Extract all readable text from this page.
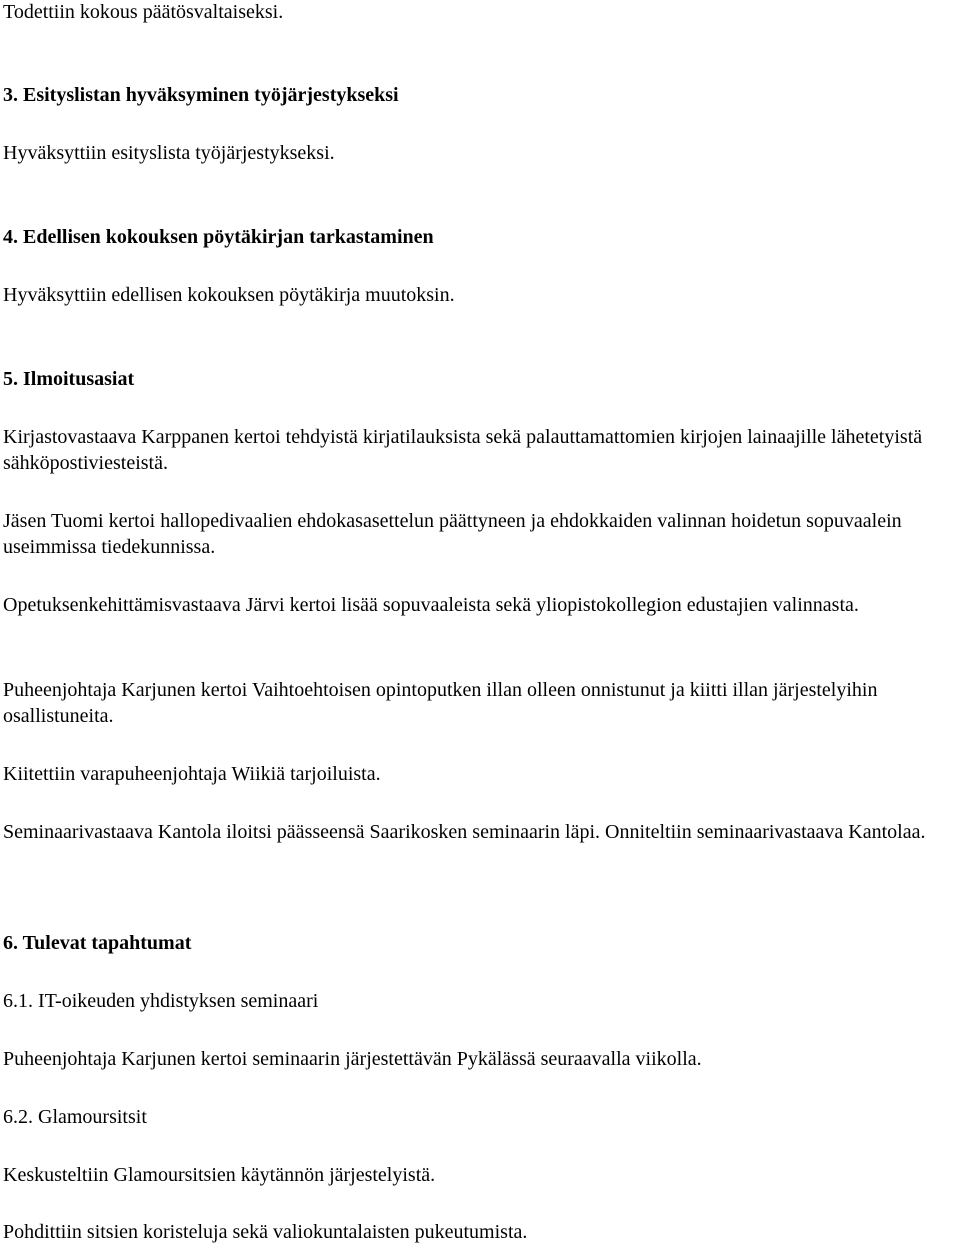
Todettiin kokous päätösvaltaiseksi.

3. Esityslistan hyväksyminen työjärjestykseksi

Hyväksyttiin esityslista työjärjestykseksi.

4. Edellisen kokouksen pöytäkirjan tarkastaminen

Hyväksyttiin edellisen kokouksen pöytäkirja muutoksin.

5. Ilmoitusasiat

Kirjastovastaava Karppanen kertoi tehdyistä kirjatilauksista sekä palauttamattomien kirjojen lainaajille lähetetyistä sähköpostiviesteistä.

Jäsen Tuomi kertoi hallopedivaalien ehdokasasettelun päättyneen ja ehdokkaiden valinnan hoidetun sopuvaalein useimmissa tiedekunnissa.

Opetuksenkehittämisvastaava Järvi kertoi lisää sopuvaaleista sekä yliopistokollegion edustajien valinnasta.

Puheenjohtaja Karjunen kertoi Vaihtoehtoisen opintoputken illan olleen onnistunut ja kiitti illan järjestelyihin osallistuneita.

Kiitettiin varapuheenjohtaja Wiikiä tarjoiluista.

Seminaarivastaava Kantola iloitsi päässeensä Saarikosken seminaarin läpi. Onniteltiin seminaarivastaava Kantolaa.

6. Tulevat tapahtumat

6.1. IT-oikeuden yhdistyksen seminaari

Puheenjohtaja Karjunen kertoi seminaarin järjestettävän Pykälässä seuraavalla viikolla.

6.2. Glamoursitsit

Keskusteltiin Glamoursitsien käytännön järjestelyistä.

Pohdittiin sitsien koristeluja sekä valiokuntalaisten pukeutumista.
